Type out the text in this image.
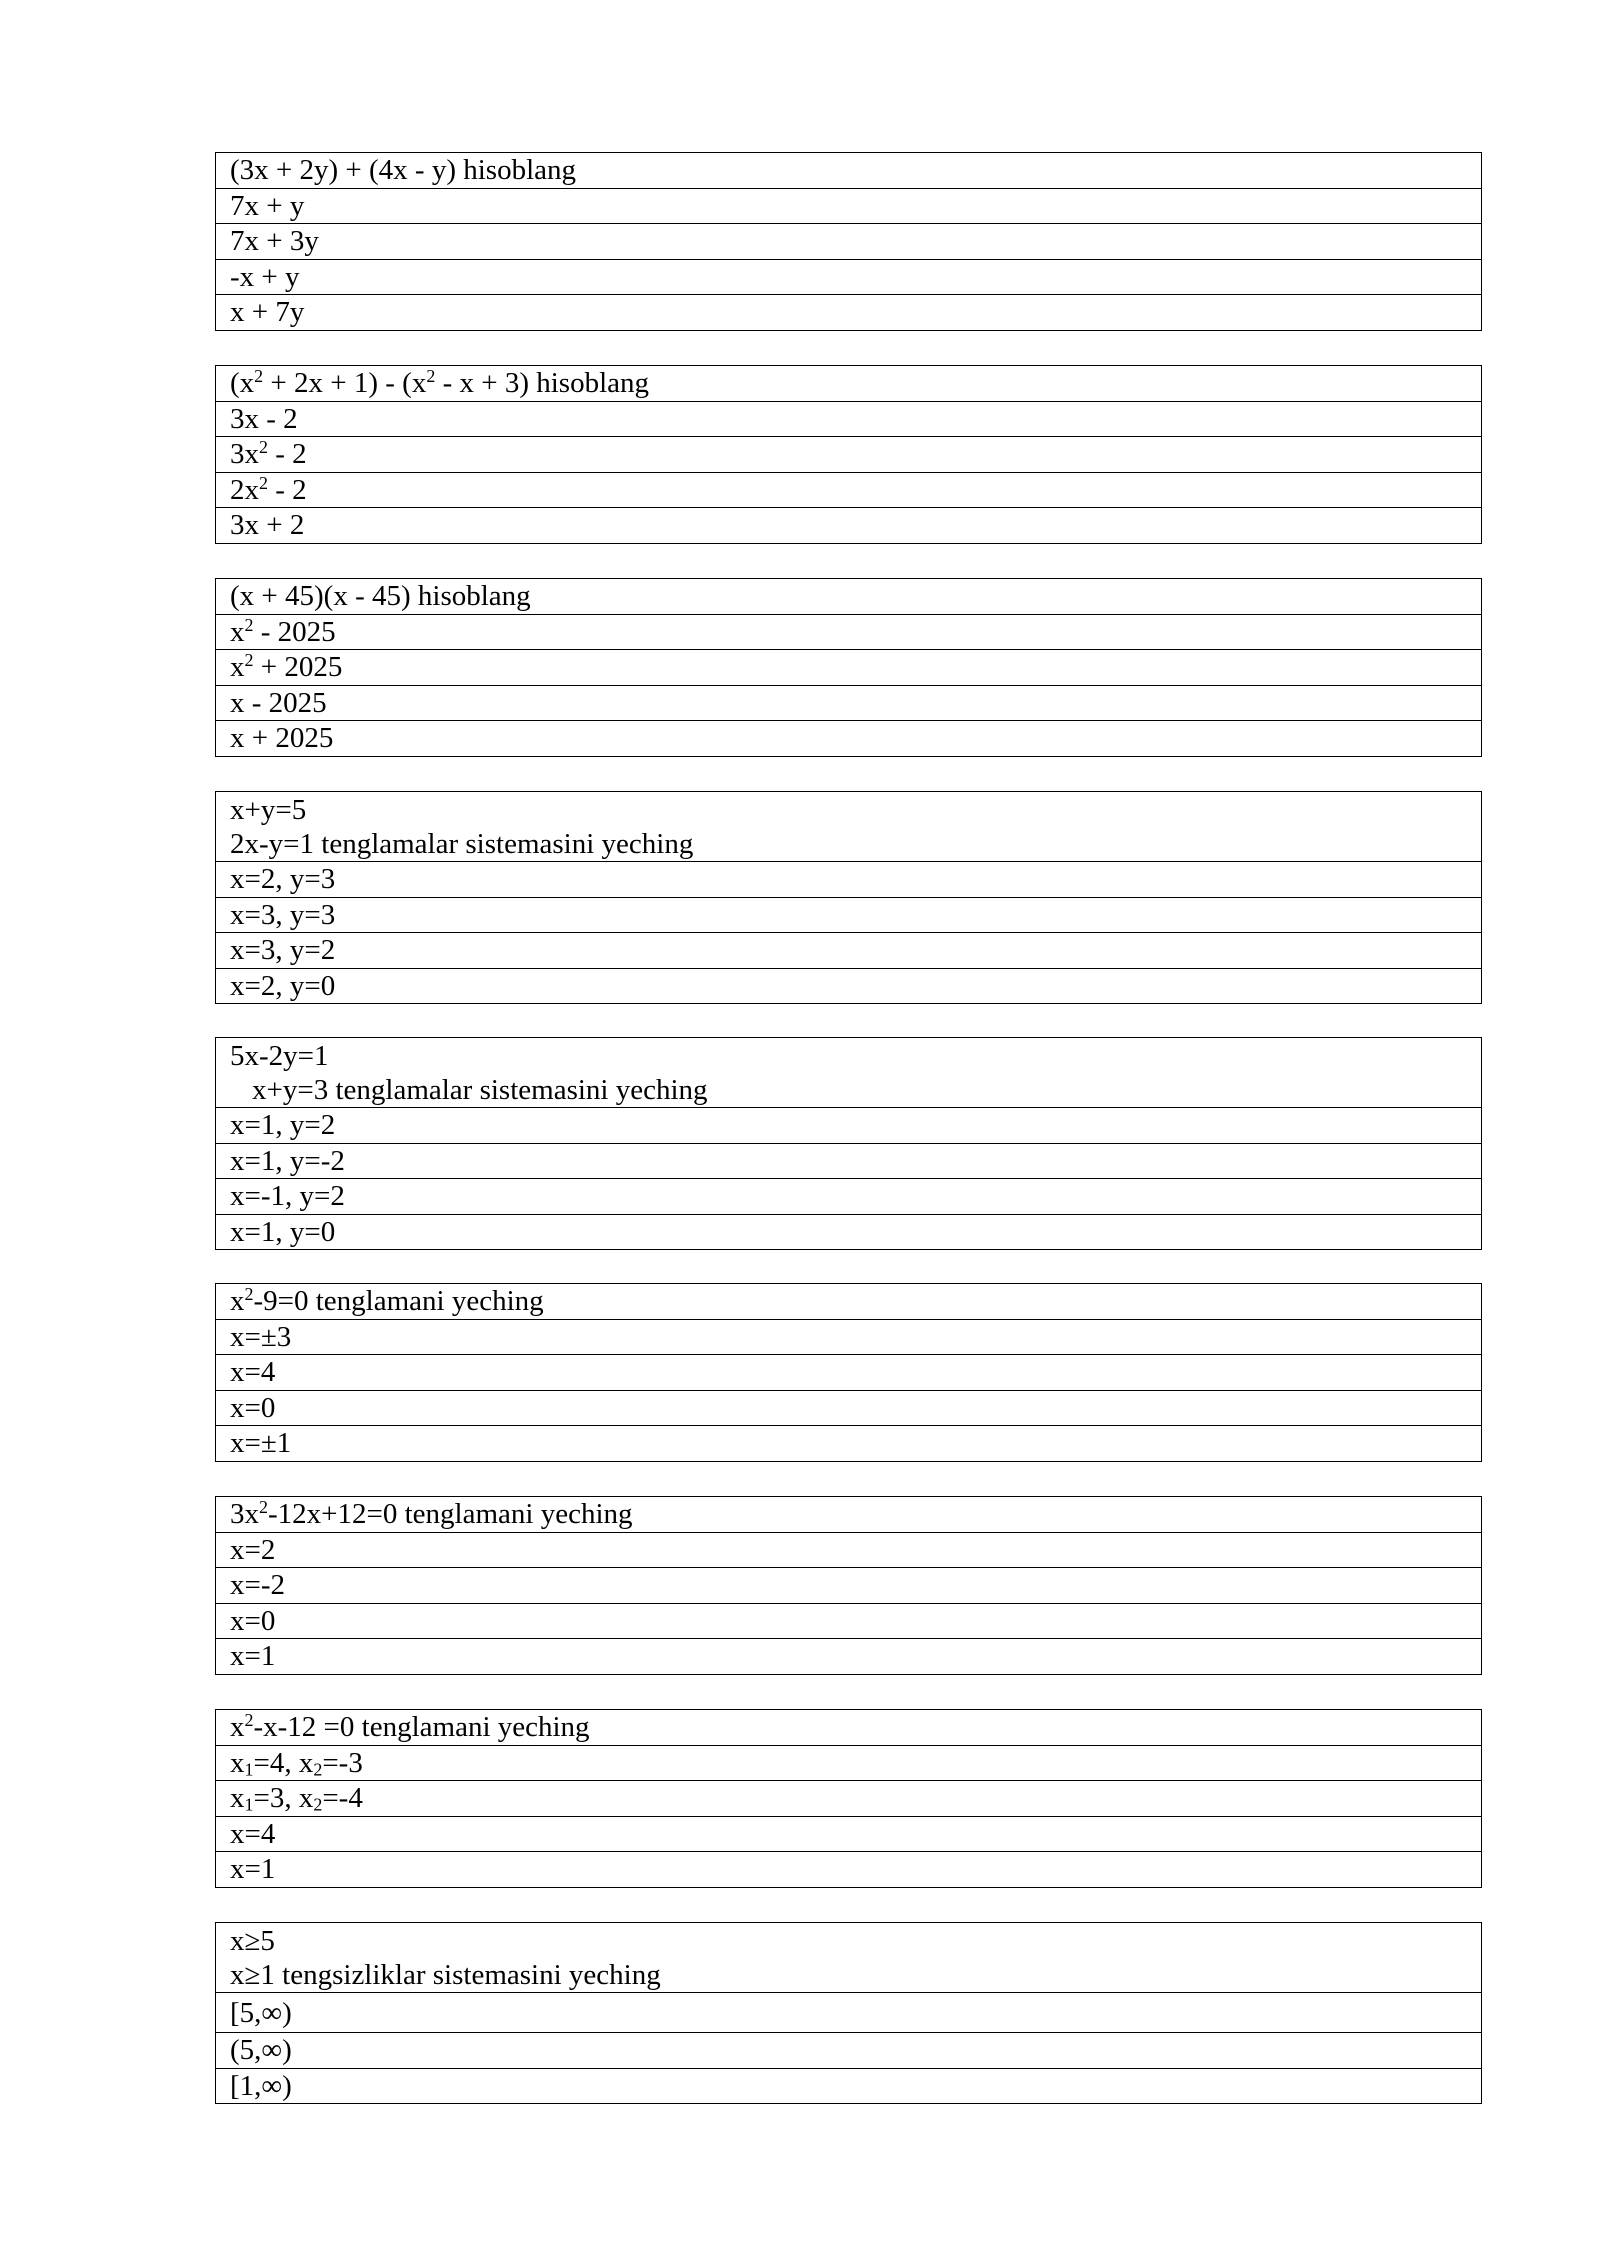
(3x + 2y) + (4x - y) hisoblang
7x + y
7x + 3y
-x + y
x + 7y
$(x^2 + 2x + 1) - (x^2 - x + 3)$ hisoblang
3x - 2
$3x^2 - 2$
$2x^2 - 2$
3x + 2
(x + 45)(x - 45) hisoblang
$x^2 - 2025$
$x^2 + 2025$
x - 2025
x + 2025
x+y=5
2x-y=1 tenglamalar sistemasini yeching

x=2, y=3
x=3, y=3
x=3, y=2
x=2, y=0
5x-2y=1
x+y=3 tenglamalar sistemasini yeching

x=1, y=2
x=1, y=-2
x=-1, y=2
x=1, y=0
$x^2-9=0$ tenglamani yeching
x=±3
x=4
x=0
x=±1
$3x^2-12x+12=0$ tenglamani yeching
x=2
x=-2
x=0
x=1
$x^2-x-12 =0$ tenglamani yeching
$x_1=4$, $x_2=-3$
$x_1=3$, $x_2=-4$
x=4
x=1
x≥5
x≥1 tengsizliklar sistemasini yeching

[5,∞)
(5,∞)
[1,∞)
